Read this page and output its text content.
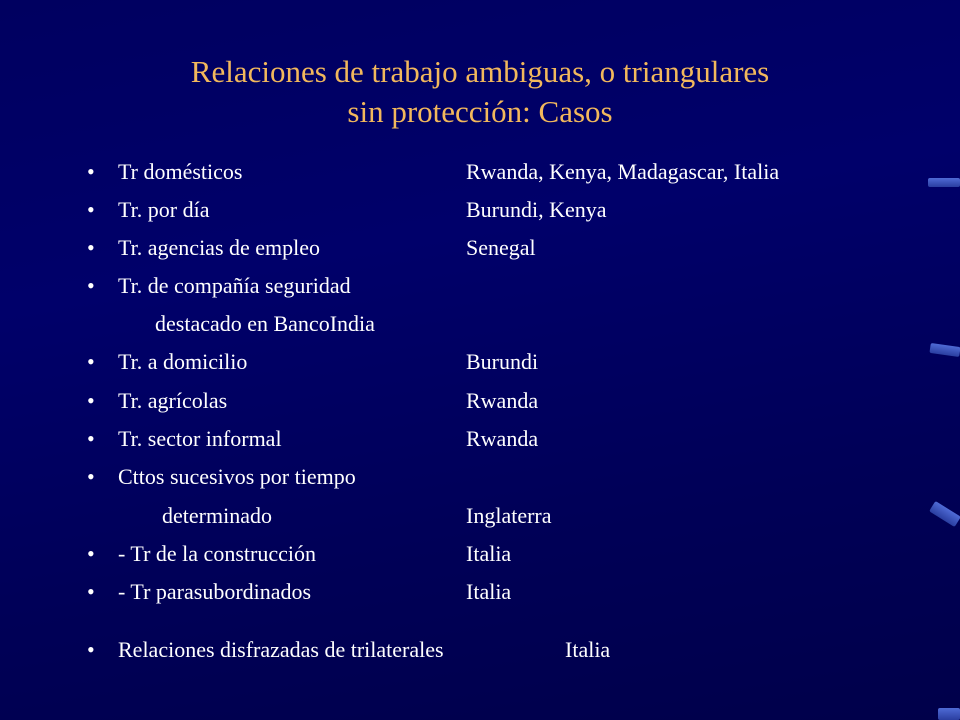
Relaciones de trabajo ambiguas, o triangulares
sin protección: Casos
• Tr domésticos	Rwanda, Kenya, Madagascar, Italia
• Tr. por día	Burundi, Kenya
• Tr. agencias de empleo	Senegal
• Tr. de compañía seguridad
destacado en BancoIndia
• Tr. a domicilio	Burundi
• Tr. agrícolas	Rwanda
• Tr. sector informal	Rwanda
• Cttos sucesivos por tiempo
determinado	Inglaterra
• - Tr de la construcción	Italia
• - Tr parasubordinados	Italia
• Relaciones disfrazadas de trilaterales	Italia
